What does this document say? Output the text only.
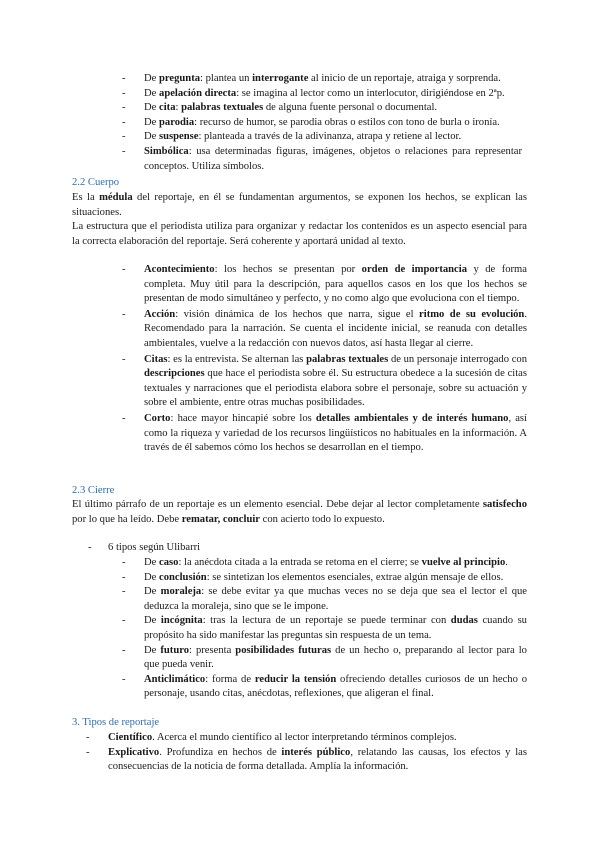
- De pregunta: plantea un interrogante al inicio de un reportaje, atraiga y sorprenda.
- De apelación directa: se imagina al lector como un interlocutor, dirigiéndose en 2ªp.
- De cita: palabras textuales de alguna fuente personal o documental.
- De parodia: recurso de humor, se parodia obras o estilos con tono de burla o ironía.
- De suspense: planteada a través de la adivinanza, atrapa y retiene al lector.
- Simbólica: usa determinadas figuras, imágenes, objetos o relaciones para representar conceptos. Utiliza símbolos.
2.2 Cuerpo

Es la médula del reportaje, en él se fundamentan argumentos, se exponen los hechos, se explican las situaciones.

La estructura que el periodista utiliza para organizar y redactar los contenidos es un aspecto esencial para la correcta elaboración del reportaje. Será coherente y aportará unidad al texto.

- Acontecimiento: los hechos se presentan por orden de importancia y de forma completa. Muy útil para la descripción, para aquellos casos en los que los hechos se presentan de modo simultáneo y perfecto, y no como algo que evoluciona con el tiempo.
- Acción: visión dinámica de los hechos que narra, sigue el ritmo de su evolución. Recomendado para la narración. Se cuenta el incidente inicial, se reanuda con detalles ambientales, vuelve a la redacción con nuevos datos, así hasta llegar al cierre.
- Citas: es la entrevista. Se alternan las palabras textuales de un personaje interrogado con descripciones que hace el periodista sobre él. Su estructura obedece a la sucesión de citas textuales y narraciones que el periodista elabora sobre el personaje, sobre su actuación y sobre el ambiente, entre otras muchas posibilidades.
- Corto: hace mayor hincapié sobre los detalles ambientales y de interés humano, así como la riqueza y variedad de los recursos lingüísticos no habituales en la información. A través de él sabemos cómo los hechos se desarrollan en el tiempo.
2.3 Cierre

El último párrafo de un reportaje es un elemento esencial. Debe dejar al lector completamente satisfecho por lo que ha leído. Debe rematar, concluir con acierto todo lo expuesto.

- 6 tipos según Ulibarri
- De caso: la anécdota citada a la entrada se retoma en el cierre; se vuelve al principio.
- De conclusión: se sintetizan los elementos esenciales, extrae algún mensaje de ellos.
- De moraleja: se debe evitar ya que muchas veces no se deja que sea el lector el que deduzca la moraleja, sino que se le impone.
- De incógnita: tras la lectura de un reportaje se puede terminar con dudas cuando su propósito ha sido manifestar las preguntas sin respuesta de un tema.
- De futuro: presenta posibilidades futuras de un hecho o, preparando al lector para lo que pueda venir.
- Anticlimático: forma de reducir la tensión ofreciendo detalles curiosos de un hecho o personaje, usando citas, anécdotas, reflexiones, que aligeran el final.
3. Tipos de reportaje
- Científico. Acerca el mundo científico al lector interpretando términos complejos.
- Explicativo. Profundiza en hechos de interés público, relatando las causas, los efectos y las consecuencias de la noticia de forma detallada. Amplía la información.
